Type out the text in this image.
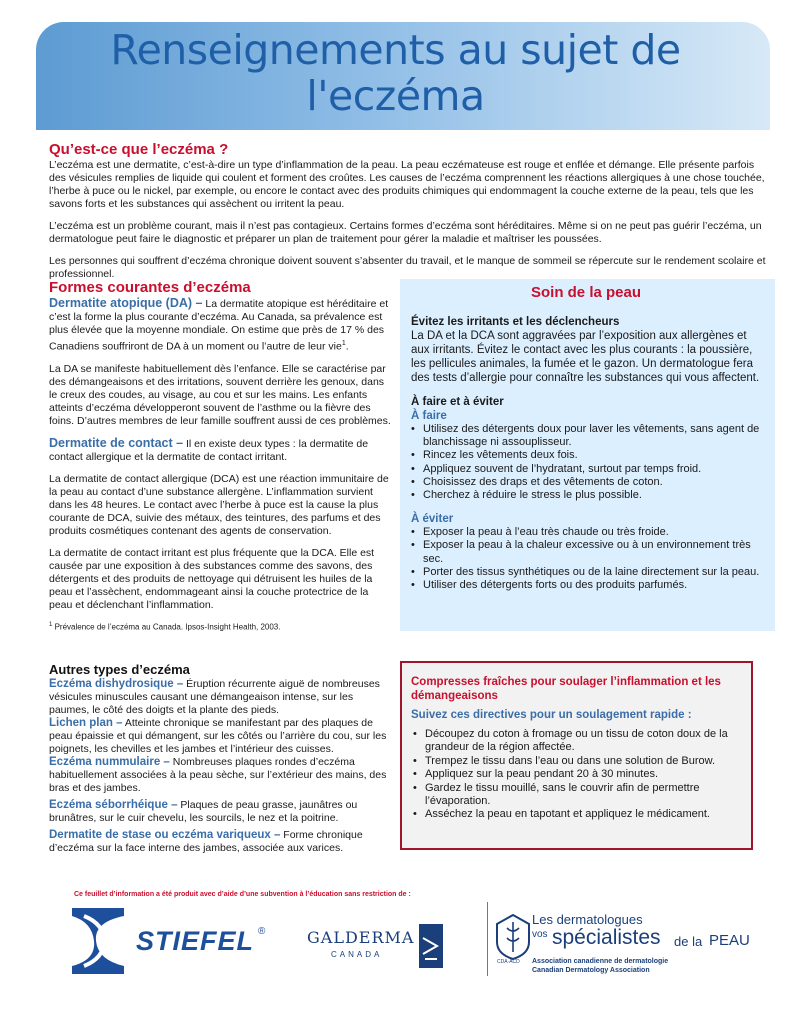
Renseignements au sujet de
l'eczéma
Qu’est-ce que l’eczéma ?

L’eczéma est une dermatite, c’est-à-dire un type d’inflammation de la peau. La peau eczémateuse est rouge et enflée et démange. Elle présente parfois des vésicules remplies de liquide qui coulent et forment des croûtes. Les causes de l’eczéma comprennent les réactions allergiques à une chose touchée, l’herbe à puce ou le nickel, par exemple, ou encore le contact avec des produits chimiques qui endommagent la couche externe de la peau, tels que les savons forts et les substances qui assèchent ou irritent la peau.

L’eczéma est un problème courant, mais il n’est pas contagieux. Certains formes d’eczéma sont héréditaires. Même si on ne peut pas guérir l’eczéma, un dermatologue peut faire le diagnostic et préparer un plan de traitement pour gérer la maladie et maîtriser les poussées.

Les personnes qui souffrent d’eczéma chronique doivent souvent s’absenter du travail, et le manque de sommeil se répercute sur le rendement scolaire et professionnel.

Formes courantes d’eczéma

Dermatite atopique (DA) – La dermatite atopique est héréditaire et c’est la forme la plus courante d’eczéma. Au Canada, sa prévalence est plus élevée que la moyenne mondiale. On estime que près de 17 % des Canadiens souffriront de DA à un moment ou l’autre de leur vie$^1$.

La DA se manifeste habituellement dès l’enfance. Elle se caractérise par des démangeaisons et des irritations, souvent derrière les genoux, dans le creux des coudes, au visage, au cou et sur les mains. Les enfants atteints d’eczéma développeront souvent de l’asthme ou la fièvre des foins. D’autres membres de leur famille souffrent aussi de ces problèmes.

Dermatite de contact – Il en existe deux types : la dermatite de contact allergique et la dermatite de contact irritant.

La dermatite de contact allergique (DCA) est une réaction immunitaire de la peau au contact d’une substance allergène. L’inflammation survient dans les 48 heures. Le contact avec l’herbe à puce est la cause la plus courante de DCA, suivie des métaux, des teintures, des parfums et des produits cosmétiques contenant des agents de conservation.

La dermatite de contact irritant est plus fréquente que la DCA. Elle est causée par une exposition à des substances comme des savons, des détergents et des produits de nettoyage qui détruisent les huiles de la peau et l’assèchent, endommageant ainsi la couche protectrice de la peau et déclenchant l’inflammation.

$^1$ Prévalence de l’eczéma au Canada. Ipsos-Insight Health, 2003.

Autres types d’eczéma

Eczéma dishydrosique – Éruption récurrente aiguë de nombreuses vésicules minuscules causant une démangeaison intense, sur les paumes, le côté des doigts et la plante des pieds.

Lichen plan – Atteinte chronique se manifestant par des plaques de peau épaissie et qui démangent, sur les côtés ou l’arrière du cou, sur les poignets, les chevilles et les jambes et l’intérieur des cuisses.

Eczéma nummulaire – Nombreuses plaques rondes d’eczéma habituellement associées à la peau sèche, sur l’extérieur des mains, des bras et des jambes.

Eczéma séborrhéique – Plaques de peau grasse, jaunâtres ou brunâtres, sur le cuir chevelu, les sourcils, le nez et la poitrine.

Dermatite de stase ou eczéma variqueux – Forme chronique d’eczéma sur la face interne des jambes, associée aux varices.

Soin de la peau
Évitez les irritants et les déclencheurs

La DA et la DCA sont aggravées par l’exposition aux allergènes et aux irritants. Évitez le contact avec les plus courants : la poussière, les pellicules animales, la fumée et le gazon. Un dermatologue fera des tests d’allergie pour connaître les substances qui vous affectent.

À faire et à éviter
À faire
• Utilisez des détergents doux pour laver les vêtements, sans agent de blanchissage ni assouplisseur.
• Rincez les vêtements deux fois.
• Appliquez souvent de l’hydratant, surtout par temps froid.
• Choisissez des draps et des vêtements de coton.
• Cherchez à réduire le stress le plus possible.
À éviter
• Exposer la peau à l’eau très chaude ou très froide.
• Exposer la peau à la chaleur excessive ou à un environnement très sec.
• Porter des tissus synthétiques ou de la laine directement sur la peau.
• Utiliser des détergents forts ou des produits parfumés.
Compresses fraîches pour soulager l’inflammation et les démangeaisons
Suivez ces directives pour un soulagement rapide :
• Découpez du coton à fromage ou un tissu de coton doux de la grandeur de la région affectée.
• Trempez le tissu dans l’eau ou dans une solution de Burow.
• Appliquez sur la peau pendant 20 à 30 minutes.
• Gardez le tissu mouillé, sans le couvrir afin de permettre l’évaporation.
• Asséchez la peau en tapotant et appliquez le médicament.
Ce feuillet d’information a été produit avec d’aide d’une subvention à l’éducation sans restriction de :
STIEFEL ®	GALDERMA
CANADA
CDA·ACD
Les dermatologues
vos spécialistes de la PEAU
Association canadienne de dermatologie
Canadian Dermatology Association
